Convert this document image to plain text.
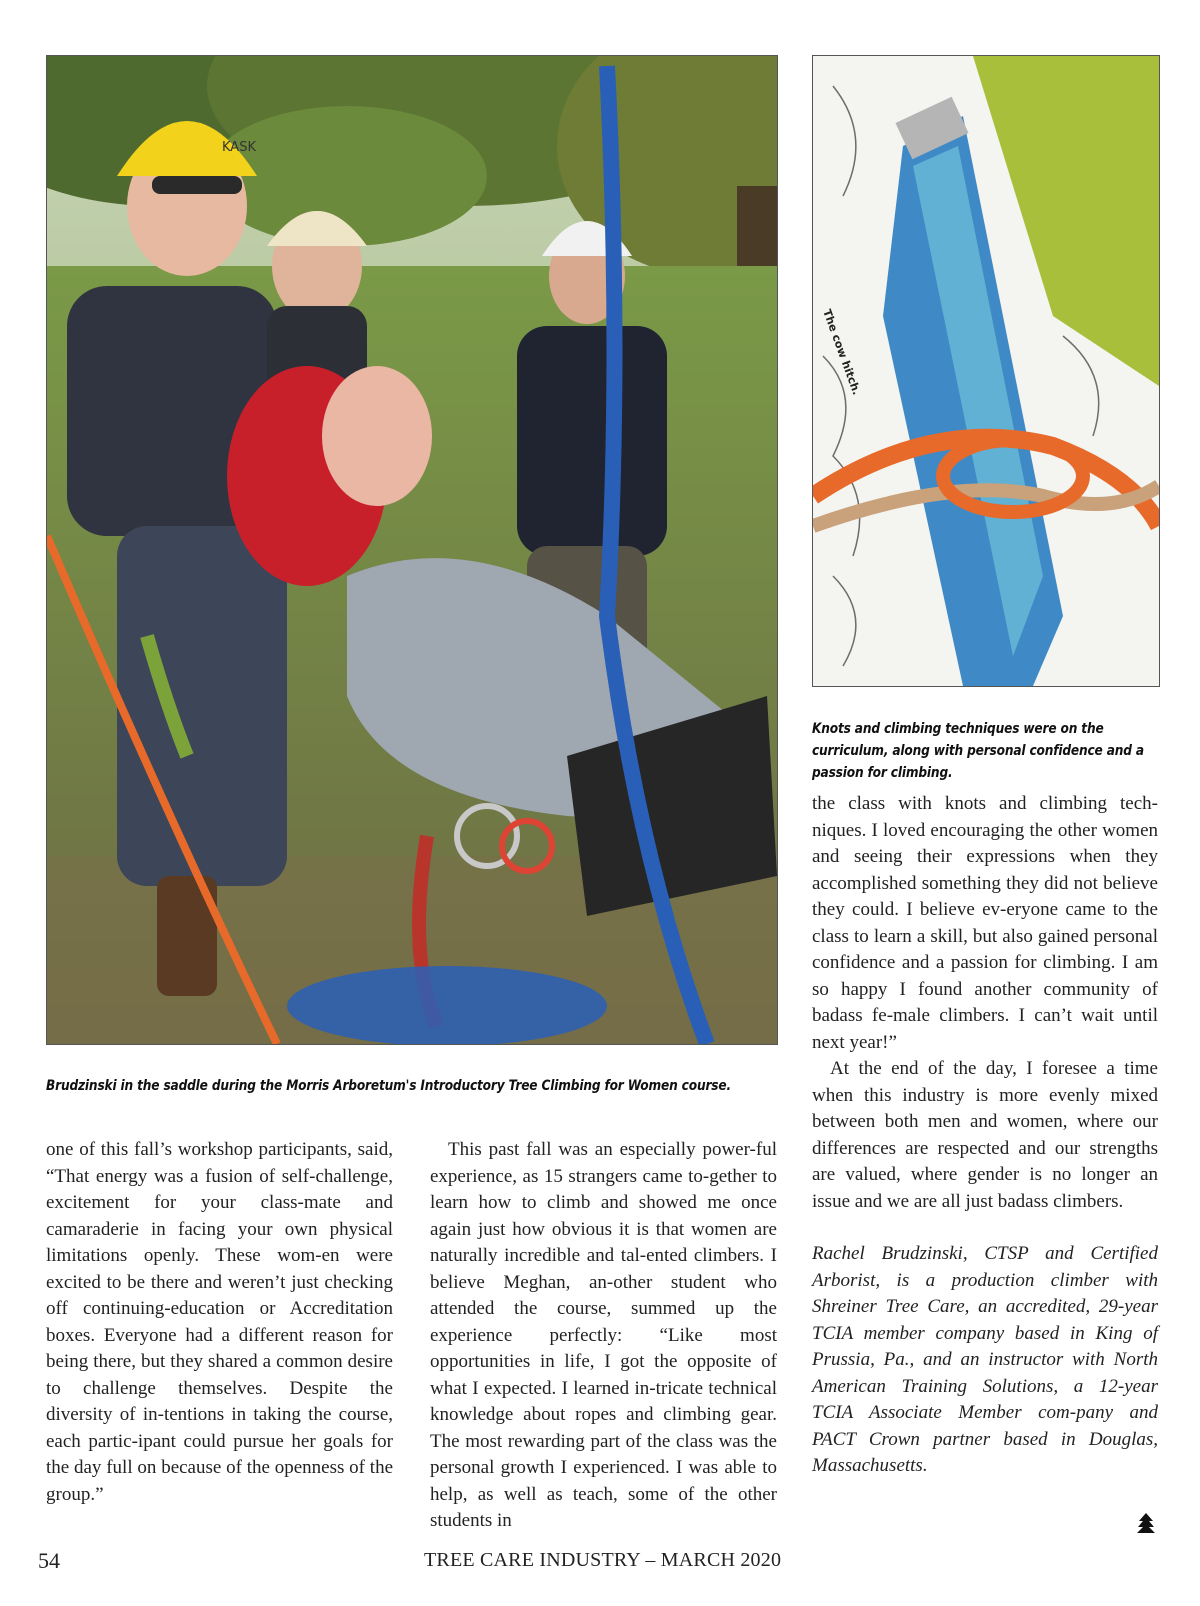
KASK
The cow hitch.
Brudzinski in the saddle during the Morris Arboretum's Introductory Tree Climbing for Women course.
Knots and climbing techniques were on the curriculum, along with personal confidence and a passion for climbing.

one of this fall’s workshop participants, said, “That energy was a fusion of self-challenge, excitement for your class-mate and camaraderie in facing your own physical limitations openly. These wom-en were excited to be there and weren’t just checking off continuing-education or Accreditation boxes. Everyone had a different reason for being there, but they shared a common desire to challenge themselves. Despite the diversity of in-tentions in taking the course, each partic-ipant could pursue her goals for the day full on because of the openness of the group.”

This past fall was an especially power-ful experience, as 15 strangers came to-gether to learn how to climb and showed me once again just how obvious it is that women are naturally incredible and tal-ented climbers. I believe Meghan, an-other student who attended the course, summed up the experience perfectly: “Like most opportunities in life, I got the opposite of what I expected. I learned in-tricate technical knowledge about ropes and climbing gear. The most rewarding part of the class was the personal growth I experienced. I was able to help, as well as teach, some of the other students in

the class with knots and climbing tech-niques. I loved encouraging the other women and seeing their expressions when they accomplished something they did not believe they could. I believe ev-eryone came to the class to learn a skill, but also gained personal confidence and a passion for climbing. I am so happy I found another community of badass fe-male climbers. I can’t wait until next year!”

At the end of the day, I foresee a time when this industry is more evenly mixed between both men and women, where our differences are respected and our strengths are valued, where gender is no longer an issue and we are all just badass climbers.

Rachel Brudzinski, CTSP and Certified Arborist, is a production climber with Shreiner Tree Care, an accredited, 29-year TCIA member company based in King of Prussia, Pa., and an instructor with North American Training Solutions, a 12-year TCIA Associate Member com-pany and PACT Crown partner based in Douglas, Massachusetts.

54	TREE CARE INDUSTRY – MARCH 2020
